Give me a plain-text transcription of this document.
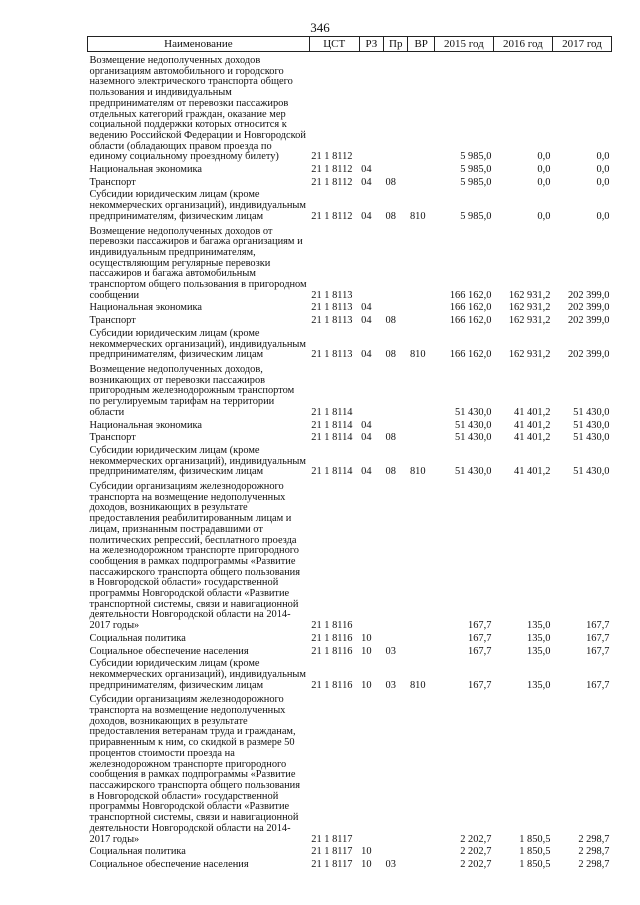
346
Наименование	ЦСТ	РЗ	Пр	ВР	2015 год	2016 год	2017 год
Возмещение недополученных доходов организациям автомобильного и городского наземного электрического транспорта общего пользования и индивидуальным предпринимателям от перевозки пассажиров отдельных категорий граждан, оказание мер социальной поддержки которых относится к ведению Российской Федерации и Новгородской области (обладающих правом проезда по единому социальному проездному билету)	21 1 8112				5 985,0	0,0	0,0
Национальная экономика	21 1 8112	04			5 985,0	0,0	0,0
Транспорт	21 1 8112	04	08		5 985,0	0,0	0,0
Субсидии юридическим лицам (кроме некоммерческих организаций), индивидуальным предпринимателям, физическим лицам	21 1 8112	04	08	810	5 985,0	0,0	0,0
Возмещение недополученных доходов от перевозки пассажиров и багажа организациям и индивидуальным предпринимателям, осуществляющим регулярные перевозки пассажиров и багажа автомобильным транспортом общего пользования в пригородном сообщении	21 1 8113				166 162,0	162 931,2	202 399,0
Национальная экономика	21 1 8113	04			166 162,0	162 931,2	202 399,0
Транспорт	21 1 8113	04	08		166 162,0	162 931,2	202 399,0
Субсидии юридическим лицам (кроме некоммерческих организаций), индивидуальным предпринимателям, физическим лицам	21 1 8113	04	08	810	166 162,0	162 931,2	202 399,0
Возмещение недополученных доходов, возникающих от перевозки пассажиров пригородным железнодорожным транспортом по регулируемым тарифам на территории области	21 1 8114				51 430,0	41 401,2	51 430,0
Национальная экономика	21 1 8114	04			51 430,0	41 401,2	51 430,0
Транспорт	21 1 8114	04	08		51 430,0	41 401,2	51 430,0
Субсидии юридическим лицам (кроме некоммерческих организаций), индивидуальным предпринимателям, физическим лицам	21 1 8114	04	08	810	51 430,0	41 401,2	51 430,0
Субсидии организациям железнодорожного транспорта на возмещение недополученных доходов, возникающих в результате предоставления реабилитированным лицам и лицам, признанным пострадавшими от политических репрессий, бесплатного проезда на железнодорожном транспорте пригородного сообщения в рамках подпрограммы «Развитие пассажирского транспорта общего пользования в Новгородской области» государственной программы Новгородской области «Развитие транспортной системы, связи и навигационной деятельности Новгородской области на 2014-2017 годы»	21 1 8116				167,7	135,0	167,7
Социальная политика	21 1 8116	10			167,7	135,0	167,7
Социальное обеспечение населения	21 1 8116	10	03		167,7	135,0	167,7
Субсидии юридическим лицам (кроме некоммерческих организаций), индивидуальным предпринимателям, физическим лицам	21 1 8116	10	03	810	167,7	135,0	167,7
Субсидии организациям железнодорожного транспорта на возмещение недополученных доходов, возникающих в результате предоставления ветеранам труда и гражданам, приравненным к ним, со скидкой в размере 50 процентов стоимости проезда на железнодорожном транспорте пригородного сообщения в рамках подпрограммы «Развитие пассажирского транспорта общего пользования в Новгородской области» государственной программы Новгородской области «Развитие транспортной системы, связи и навигационной деятельности Новгородской области на 2014-2017 годы»	21 1 8117				2 202,7	1 850,5	2 298,7
Социальная политика	21 1 8117	10			2 202,7	1 850,5	2 298,7
Социальное обеспечение населения	21 1 8117	10	03		2 202,7	1 850,5	2 298,7
